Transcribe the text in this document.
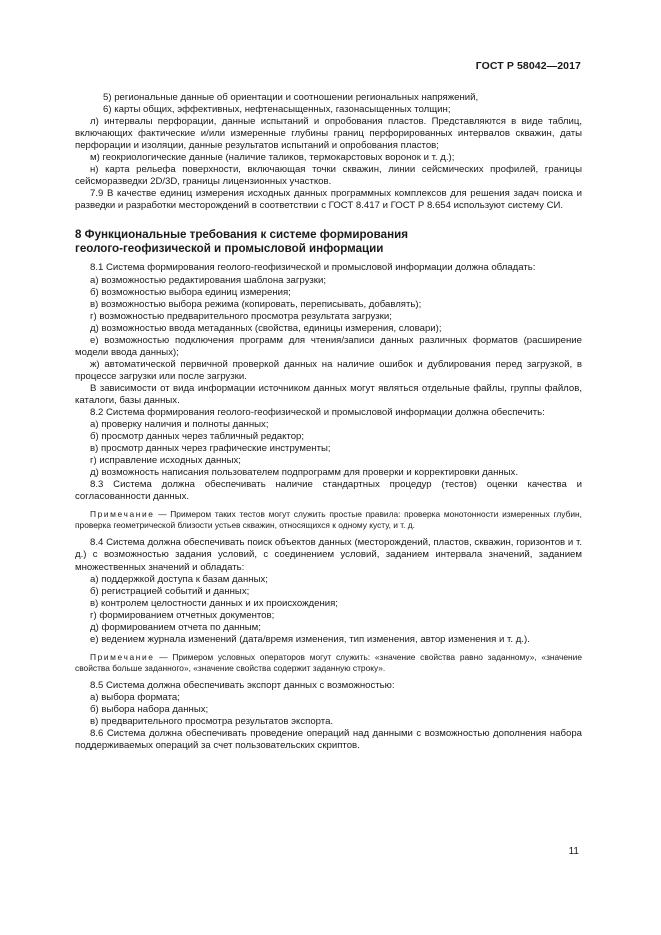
ГОСТ Р 58042—2017

5) региональные данные об ориентации и соотношении региональных напряжений,

6) карты общих, эффективных, нефтенасыщенных, газонасыщенных толщин;

л) интервалы перфорации, данные испытаний и опробования пластов. Представляются в виде таблиц, включающих фактические и/или измеренные глубины границ перфорированных интервалов скважин, даты перфорации и изоляции, данные результатов испытаний и опробования пластов;

м) геокриологические данные (наличие таликов, термокарстовых воронок и т. д.);

н) карта рельефа поверхности, включающая точки скважин, линии сейсмических профилей, границы сейсморазведки 2D/3D, границы лицензионных участков.

7.9 В качестве единиц измерения исходных данных программных комплексов для решения задач поиска и разведки и разработки месторождений в соответствии с ГОСТ 8.417 и ГОСТ Р 8.654 используют систему СИ.

8 Функциональные требования к системе формирования
геолого-геофизической и промысловой информации

8.1 Система формирования геолого-геофизической и промысловой информации должна обладать:

а) возможностью редактирования шаблона загрузки;

б) возможностью выбора единиц измерения;

в) возможностью выбора режима (копировать, переписывать, добавлять);

г) возможностью предварительного просмотра результата загрузки;

д) возможностью ввода метаданных (свойства, единицы измерения, словари);

е) возможностью подключения программ для чтения/записи данных различных форматов (расширение модели ввода данных);

ж) автоматической первичной проверкой данных на наличие ошибок и дублирования перед загрузкой, в процессе загрузки или после загрузки.

В зависимости от вида информации источником данных могут являться отдельные файлы, группы файлов, каталоги, базы данных.

8.2 Система формирования геолого-геофизической и промысловой информации должна обеспечить:

а) проверку наличия и полноты данных;

б) просмотр данных через табличный редактор;

в) просмотр данных через графические инструменты;

г) исправление исходных данных;

д) возможность написания пользователем подпрограмм для проверки и корректировки данных.

8.3 Система должна обеспечивать наличие стандартных процедур (тестов) оценки качества и согласованности данных.

Примечание — Примером таких тестов могут служить простые правила: проверка монотонности измеренных глубин, проверка геометрической близости устьев скважин, относящихся к одному кусту, и т. д.

8.4 Система должна обеспечивать поиск объектов данных (месторождений, пластов, скважин, горизонтов и т. д.) с возможностью задания условий, с соединением условий, заданием интервала значений, заданием множественных значений и обладать:

а) поддержкой доступа к базам данных;

б) регистрацией событий и данных;

в) контролем целостности данных и их происхождения;

г) формированием отчетных документов;

д) формированием отчета по данным;

е) ведением журнала изменений (дата/время изменения, тип изменения, автор изменения и т. д.).

Примечание — Примером условных операторов могут служить: «значение свойства равно заданному», «значение свойства больше заданного», «значение свойства содержит заданную строку».

8.5 Система должна обеспечивать экспорт данных с возможностью:

а) выбора формата;

б) выбора набора данных;

в) предварительного просмотра результатов экспорта.

8.6 Система должна обеспечивать проведение операций над данными с возможностью дополнения набора поддерживаемых операций за счет пользовательских скриптов.

11
